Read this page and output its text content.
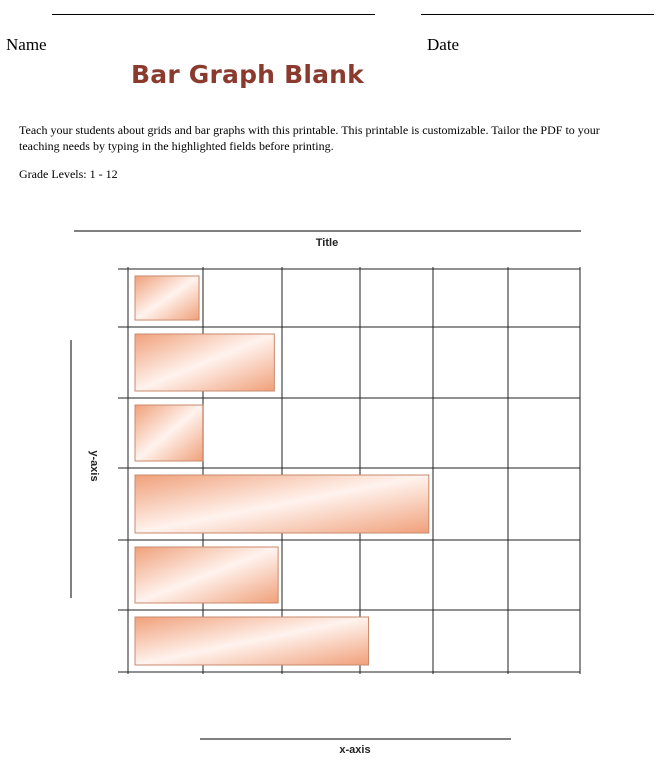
Name	Date
Bar Graph Blank
Teach your students about grids and bar graphs with this printable. This printable is customizable. Tailor the PDF to your teaching needs by typing in the highlighted fields before printing.
Grade Levels: 1 - 12
Title
y-axis
x-axis
